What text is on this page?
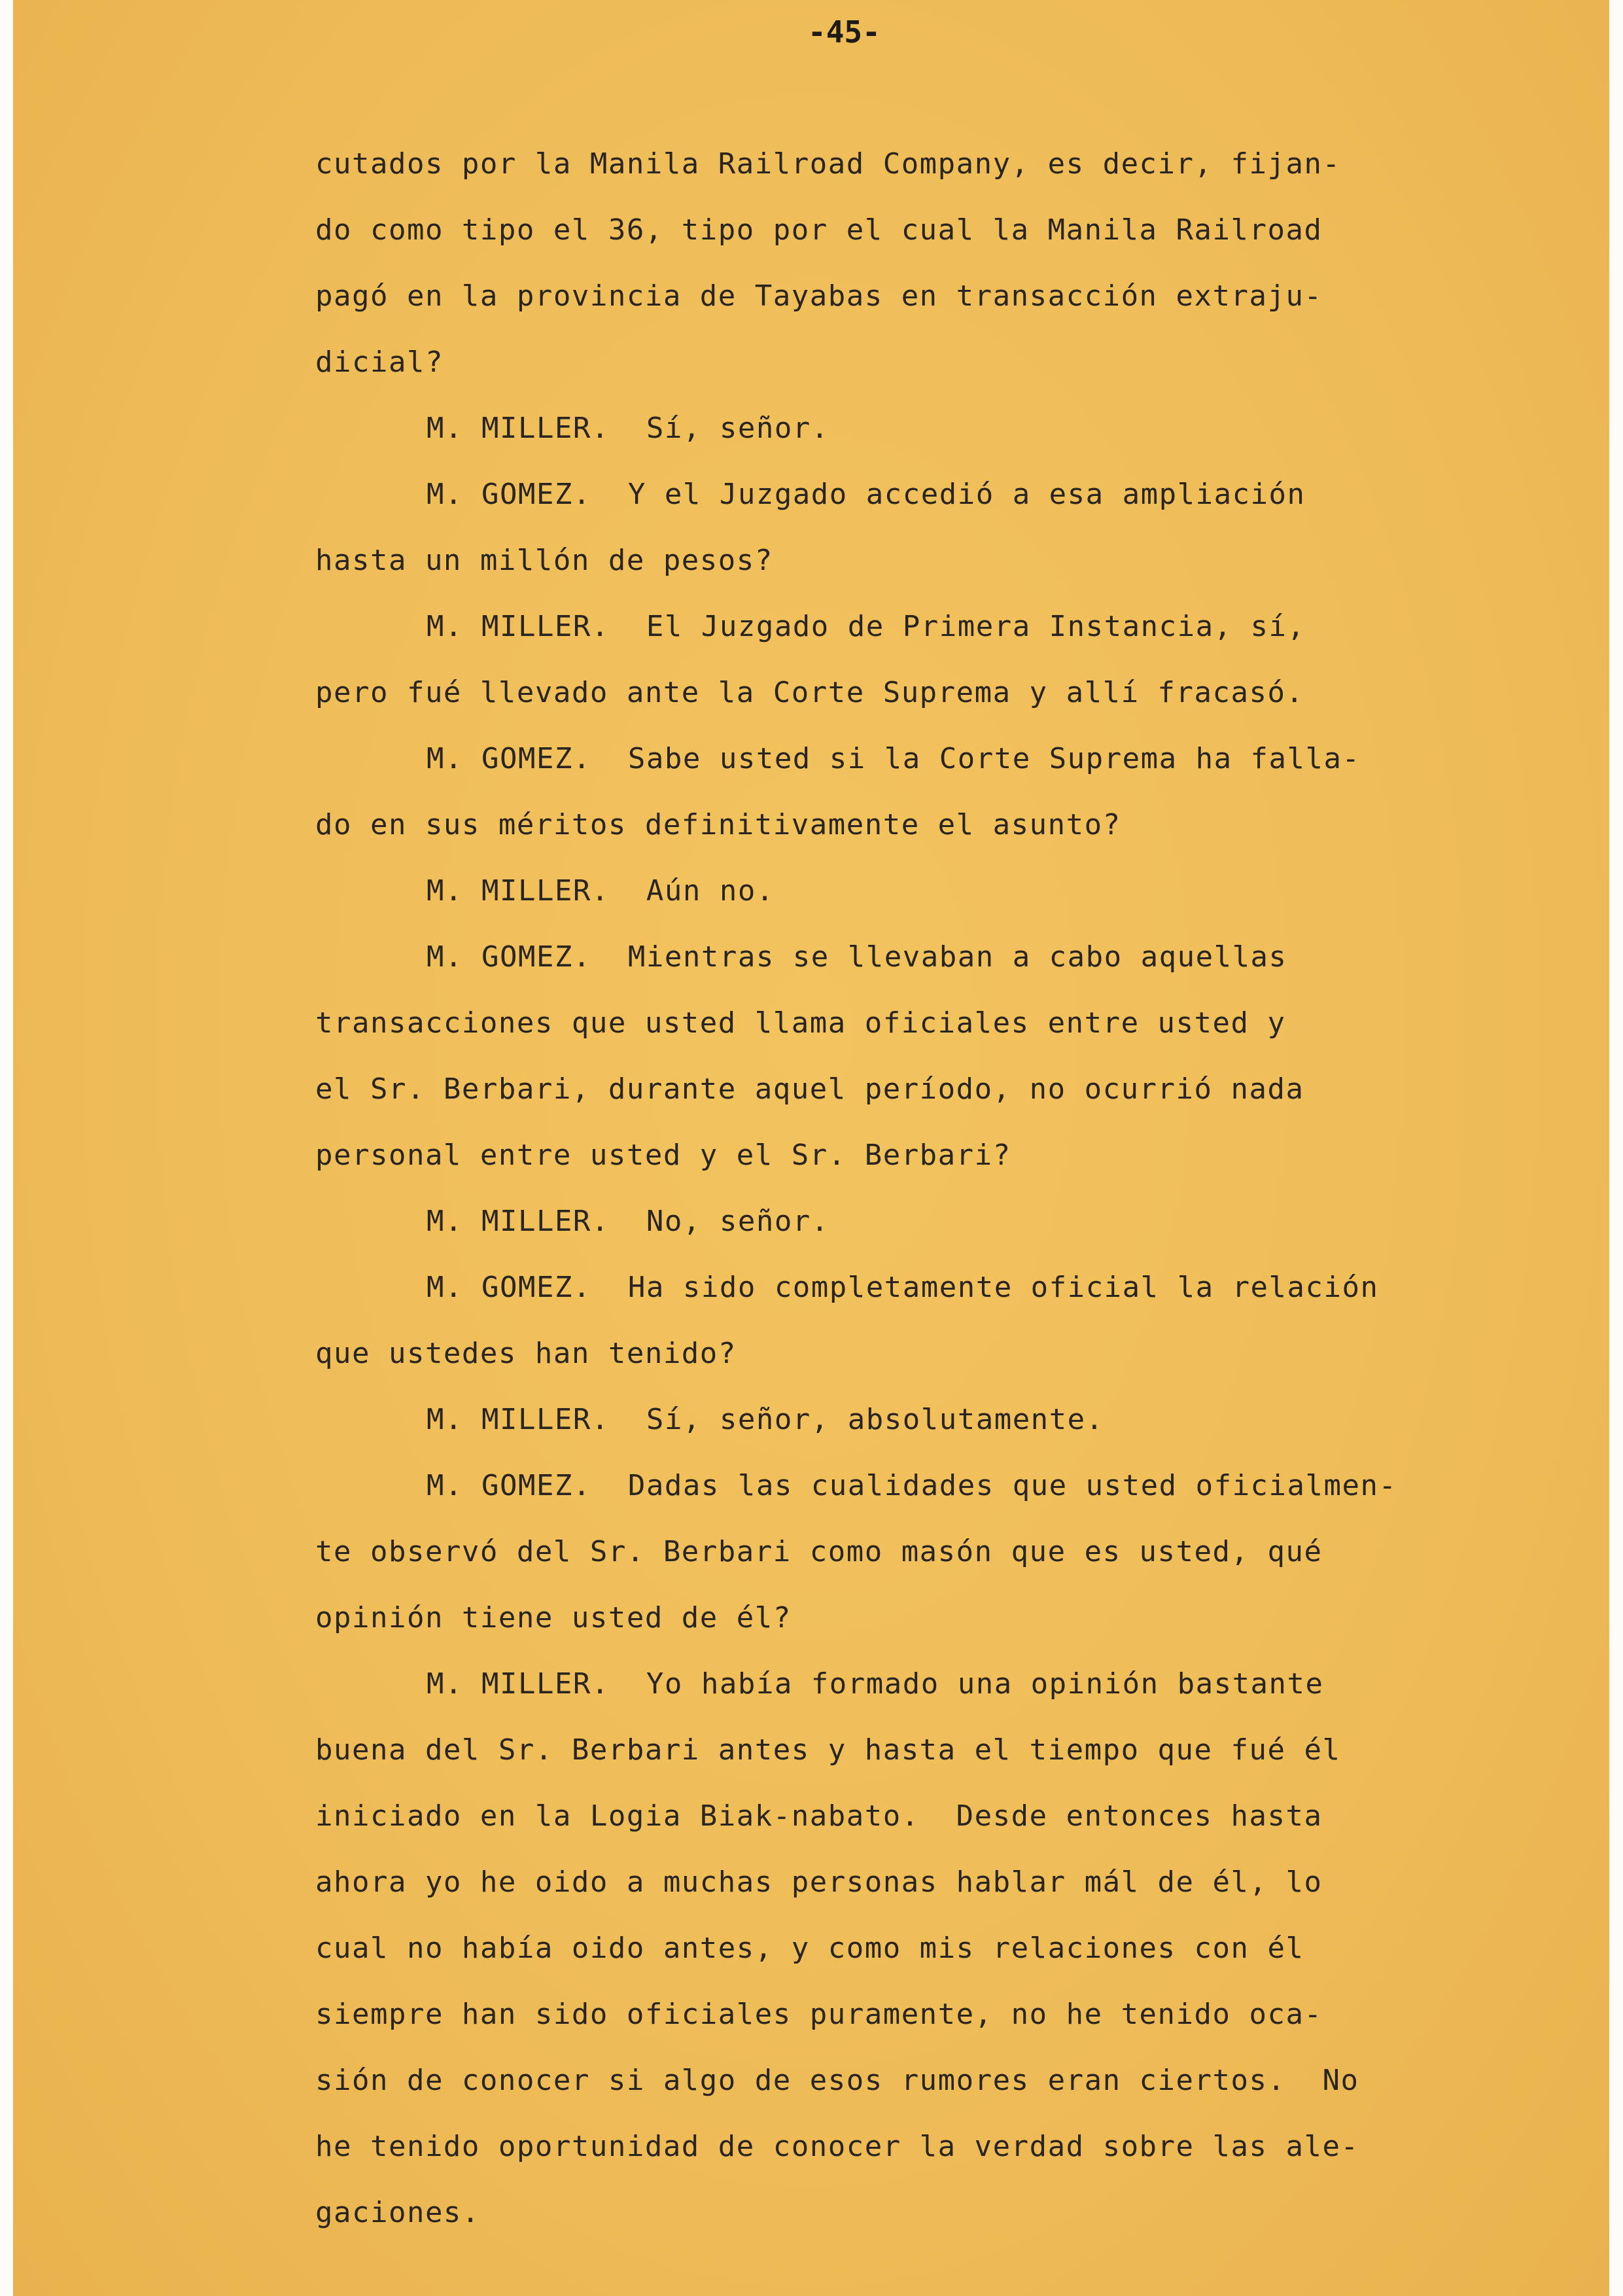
-45-
cutados por la Manila Railroad Company, es decir, fijan-
do como tipo el 36, tipo por el cual la Manila Railroad
pagó en la provincia de Tayabas en transacción extraju-
dicial?
M. MILLER.  Sí, señor.
M. GOMEZ.  Y el Juzgado accedió a esa ampliación
hasta un millón de pesos?
M. MILLER.  El Juzgado de Primera Instancia, sí,
pero fué llevado ante la Corte Suprema y allí fracasó.
M. GOMEZ.  Sabe usted si la Corte Suprema ha falla-
do en sus méritos definitivamente el asunto?
M. MILLER.  Aún no.
M. GOMEZ.  Mientras se llevaban a cabo aquellas
transacciones que usted llama oficiales entre usted y
el Sr. Berbari, durante aquel período, no ocurrió nada
personal entre usted y el Sr. Berbari?
M. MILLER.  No, señor.
M. GOMEZ.  Ha sido completamente oficial la relación
que ustedes han tenido?
M. MILLER.  Sí, señor, absolutamente.
M. GOMEZ.  Dadas las cualidades que usted oficialmen-
te observó del Sr. Berbari como masón que es usted, qué
opinión tiene usted de él?
M. MILLER.  Yo había formado una opinión bastante
buena del Sr. Berbari antes y hasta el tiempo que fué él
iniciado en la Logia Biak-nabato.  Desde entonces hasta
ahora yo he oido a muchas personas hablar mál de él, lo
cual no había oido antes, y como mis relaciones con él
siempre han sido oficiales puramente, no he tenido oca-
sión de conocer si algo de esos rumores eran ciertos.  No
he tenido oportunidad de conocer la verdad sobre las ale-
gaciones.
